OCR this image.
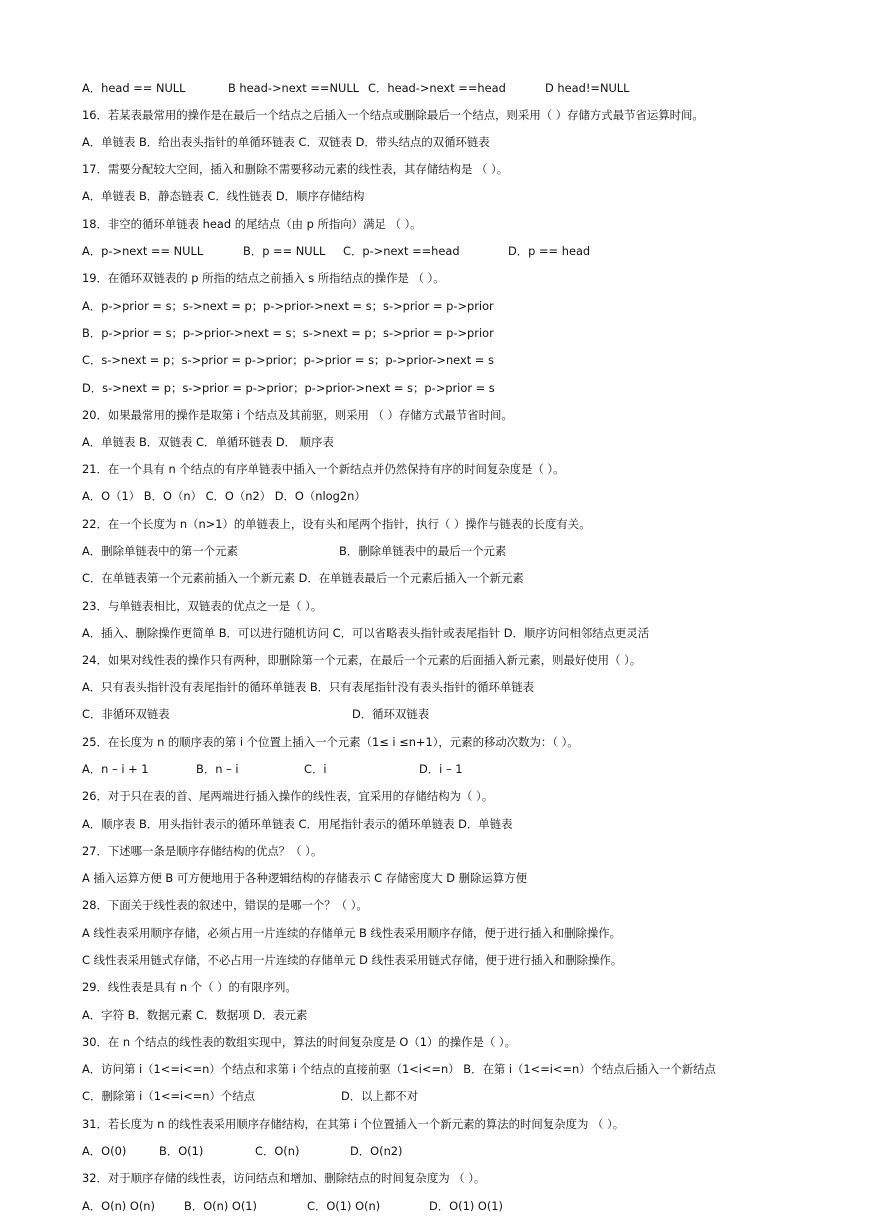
A．head == NULL	B head->next ==NULL C．head->next ==head	D head!=NULL
16．若某表最常用的操作是在最后一个结点之后插入一个结点或删除最后一个结点，则采用（ ）存储方式最节省运算时间。
A．单链表 B．给出表头指针的单循环链表 C．双链表 D．带头结点的双循环链表
17．需要分配较大空间，插入和删除不需要移动元素的线性表，其存储结构是 （ ）。
A．单链表 B．静态链表 C．线性链表 D．顺序存储结构
18．非空的循环单链表 head 的尾结点（由 p 所指向）满足 （ ）。
A．p->next == NULL	B．p == NULL C．p->next ==head	D．p == head
19．在循环双链表的 p 所指的结点之前插入 s 所指结点的操作是 （ ）。
A．p->prior = s；s->next = p；p->prior->next = s；s->prior = p->prior
B．p->prior = s；p->prior->next = s；s->next = p；s->prior = p->prior
C．s->next = p；s->prior = p->prior；p->prior = s；p->prior->next = s
D．s->next = p；s->prior = p->prior；p->prior->next = s；p->prior = s
20．如果最常用的操作是取第 i 个结点及其前驱，则采用 （ ）存储方式最节省时间。
A．单链表 B．双链表 C．单循环链表 D． 顺序表
21．在一个具有 n 个结点的有序单链表中插入一个新结点并仍然保持有序的时间复杂度是（ ）。
A．O（1） B．O（n） C．O（n2） D．O（nlog2n）
22．在一个长度为 n（n>1）的单链表上，设有头和尾两个指针，执行（ ）操作与链表的长度有关。
A．删除单链表中的第一个元素	B．删除单链表中的最后一个元素
C．在单链表第一个元素前插入一个新元素 D．在单链表最后一个元素后插入一个新元素
23．与单链表相比，双链表的优点之一是（ ）。
A．插入、删除操作更简单 B．可以进行随机访问 C．可以省略表头指针或表尾指针 D．顺序访问相邻结点更灵活
24．如果对线性表的操作只有两种，即删除第一个元素，在最后一个元素的后面插入新元素，则最好使用（ ）。
A．只有表头指针没有表尾指针的循环单链表 B．只有表尾指针没有表头指针的循环单链表
C．非循环双链表	D．循环双链表
25．在长度为 n 的顺序表的第 i 个位置上插入一个元素（1≤ i ≤n+1），元素的移动次数为：（ ）。
A．n – i + 1	B．n – i	C．i	D．i – 1
26．对于只在表的首、尾两端进行插入操作的线性表，宜采用的存储结构为（ ）。
A．顺序表 B．用头指针表示的循环单链表 C．用尾指针表示的循环单链表 D．单链表
27．下述哪一条是顺序存储结构的优点？（ ）。
A 插入运算方便 B 可方便地用于各种逻辑结构的存储表示 C 存储密度大 D 删除运算方便
28．下面关于线性表的叙述中，错误的是哪一个？（ ）。
A 线性表采用顺序存储，必须占用一片连续的存储单元 B 线性表采用顺序存储，便于进行插入和删除操作。
C 线性表采用链式存储，不必占用一片连续的存储单元 D 线性表采用链式存储，便于进行插入和删除操作。
29．线性表是具有 n 个（ ）的有限序列。
A．字符 B．数据元素 C．数据项 D．表元素
30．在 n 个结点的线性表的数组实现中，算法的时间复杂度是 O（1）的操作是（ ）。
A．访问第 i（1<=i<=n）个结点和求第 i 个结点的直接前驱（1<i<=n） B．在第 i（1<=i<=n）个结点后插入一个新结点
C．删除第 i（1<=i<=n）个结点	D．以上都不对
31．若长度为 n 的线性表采用顺序存储结构，在其第 i 个位置插入一个新元素的算法的时间复杂度为 （ ）。
A．O(0)	B．O(1)	C．O(n)	D．O(n2)
32．对于顺序存储的线性表，访问结点和增加、删除结点的时间复杂度为 （ ）。
A．O(n) O(n)	B．O(n) O(1)	C．O(1) O(n)	D．O(1) O(1)
